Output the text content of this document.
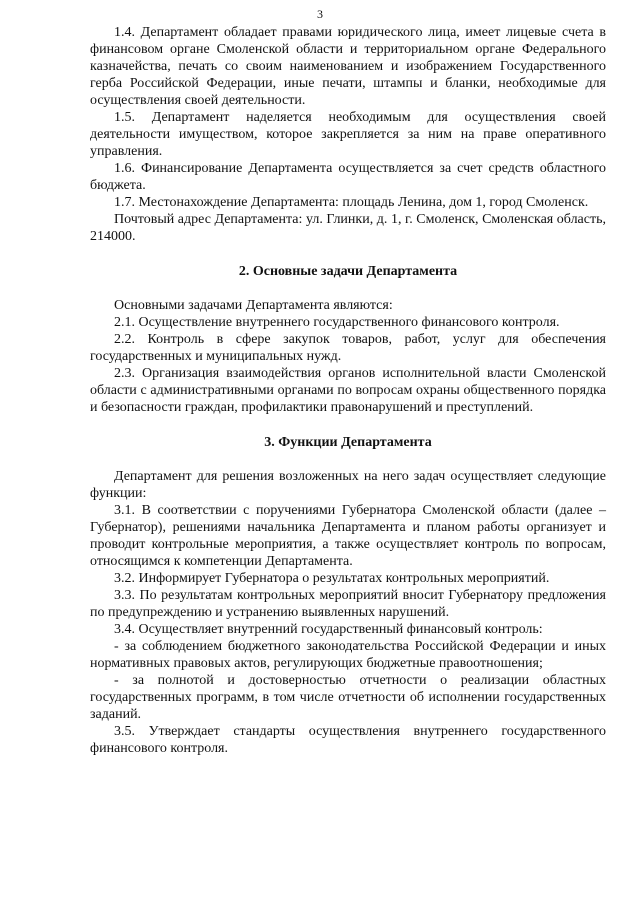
3

1.4. Департамент обладает правами юридического лица, имеет лицевые счета в финансовом органе Смоленской области и территориальном органе Федерального казначейства, печать со своим наименованием и изображением Государственного герба Российской Федерации, иные печати, штампы и бланки, необходимые для осуществления своей деятельности.

1.5. Департамент наделяется необходимым для осуществления своей деятельности имуществом, которое закрепляется за ним на праве оперативного управления.

1.6. Финансирование Департамента осуществляется за счет средств областного бюджета.

1.7. Местонахождение Департамента: площадь Ленина, дом 1, город Смоленск.

Почтовый адрес Департамента: ул. Глинки, д. 1, г. Смоленск, Смоленская область, 214000.

2. Основные задачи Департамента

Основными задачами Департамента являются:

2.1. Осуществление внутреннего государственного финансового контроля.

2.2. Контроль в сфере закупок товаров, работ, услуг для обеспечения государственных и муниципальных нужд.

2.3. Организация взаимодействия органов исполнительной власти Смоленской области с административными органами по вопросам охраны общественного порядка и безопасности граждан, профилактики правонарушений и преступлений.

3. Функции Департамента

Департамент для решения возложенных на него задач осуществляет следующие функции:

3.1. В соответствии с поручениями Губернатора Смоленской области (далее – Губернатор), решениями начальника Департамента и планом работы организует и проводит контрольные мероприятия, а также осуществляет контроль по вопросам, относящимся к компетенции Департамента.

3.2. Информирует Губернатора о результатах контрольных мероприятий.

3.3. По результатам контрольных мероприятий вносит Губернатору предложения по предупреждению и устранению выявленных нарушений.

3.4. Осуществляет внутренний государственный финансовый контроль:

- за соблюдением бюджетного законодательства Российской Федерации и иных нормативных правовых актов, регулирующих бюджетные правоотношения;

- за полнотой и достоверностью отчетности о реализации областных государственных программ, в том числе отчетности об исполнении государственных заданий.

3.5. Утверждает стандарты осуществления внутреннего государственного финансового контроля.
